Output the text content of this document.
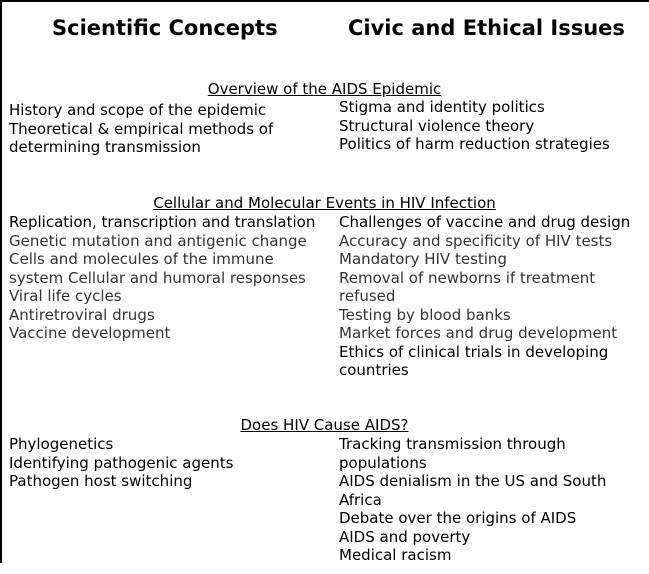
Scientific Concepts	Civic and Ethical Issues
Overview of the AIDS Epidemic
History and scope of the epidemic
Theoretical & empirical methods of
determining transmission
Stigma and identity politics
Structural violence theory
Politics of harm reduction strategies
Cellular and Molecular Events in HIV Infection
Replication, transcription and translation
Genetic mutation and antigenic change
Cells and molecules of the immune
system Cellular and humoral responses
Viral life cycles
Antiretroviral drugs
Vaccine development
Challenges of vaccine and drug design
Accuracy and specificity of HIV tests
Mandatory HIV testing
Removal of newborns if treatment
refused
Testing by blood banks
Market forces and drug development
Ethics of clinical trials in developing
countries
Does HIV Cause AIDS?
Phylogenetics
Identifying pathogenic agents
Pathogen host switching
Tracking transmission through
populations
AIDS denialism in the US and South
Africa
Debate over the origins of AIDS
AIDS and poverty
Medical racism
